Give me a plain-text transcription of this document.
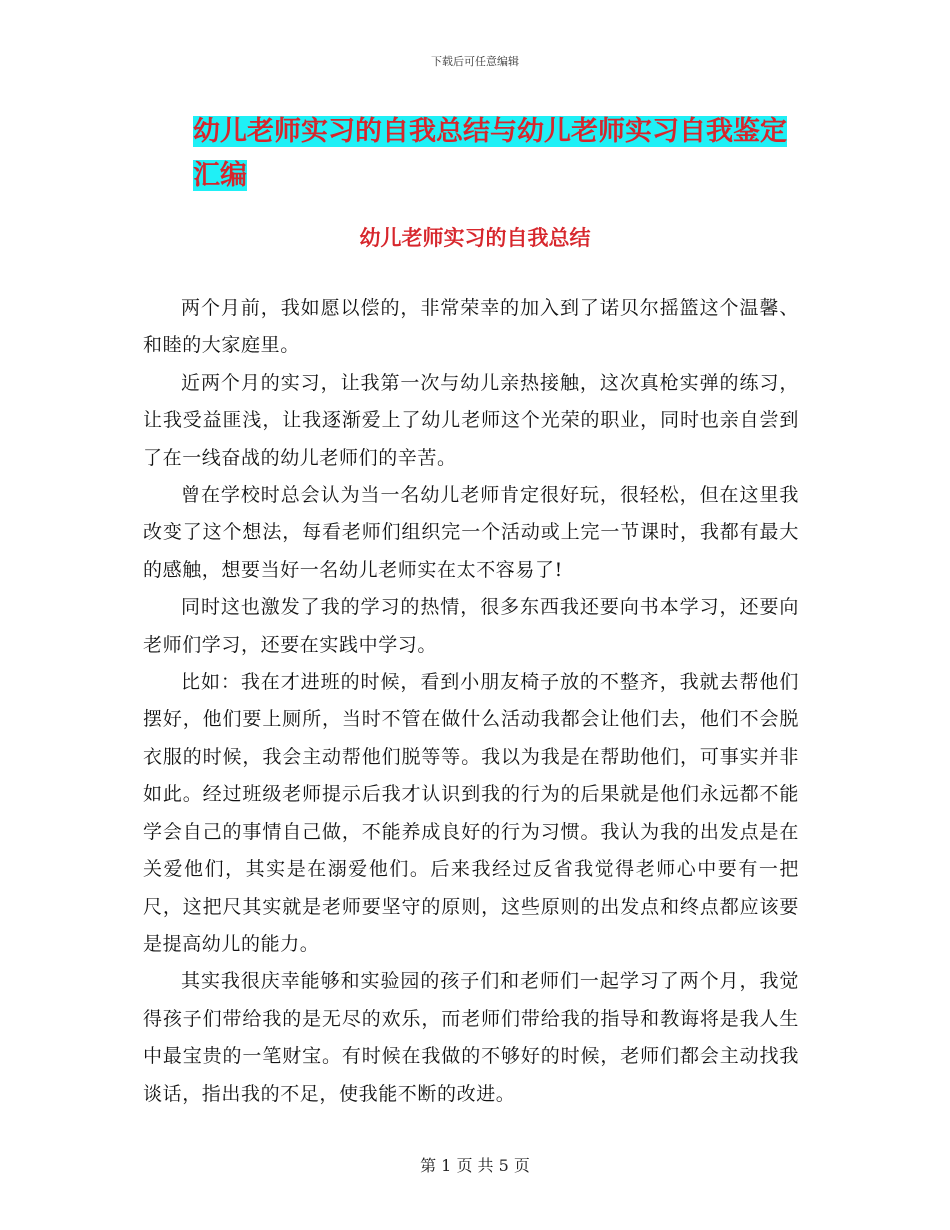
下载后可任意编辑
幼儿老师实习的自我总结与幼儿老师实习自我鉴定汇编
幼儿老师实习的自我总结

两个月前，我如愿以偿的，非常荣幸的加入到了诺贝尔摇篮这个温馨、和睦的大家庭里。

近两个月的实习，让我第一次与幼儿亲热接触，这次真枪实弹的练习，让我受益匪浅，让我逐渐爱上了幼儿老师这个光荣的职业，同时也亲自尝到了在一线奋战的幼儿老师们的辛苦。

曾在学校时总会认为当一名幼儿老师肯定很好玩，很轻松，但在这里我改变了这个想法，每看老师们组织完一个活动或上完一节课时，我都有最大的感触，想要当好一名幼儿老师实在太不容易了!

同时这也激发了我的学习的热情，很多东西我还要向书本学习，还要向老师们学习，还要在实践中学习。

比如：我在才进班的时候，看到小朋友椅子放的不整齐，我就去帮他们摆好，他们要上厕所，当时不管在做什么活动我都会让他们去，他们不会脱衣服的时候，我会主动帮他们脱等等。我以为我是在帮助他们，可事实并非如此。经过班级老师提示后我才认识到我的行为的后果就是他们永远都不能学会自己的事情自己做，不能养成良好的行为习惯。我认为我的出发点是在关爱他们，其实是在溺爱他们。后来我经过反省我觉得老师心中要有一把尺，这把尺其实就是老师要坚守的原则，这些原则的出发点和终点都应该要是提高幼儿的能力。

其实我很庆幸能够和实验园的孩子们和老师们一起学习了两个月，我觉得孩子们带给我的是无尽的欢乐，而老师们带给我的指导和教诲将是我人生中最宝贵的一笔财宝。有时候在我做的不够好的时候，老师们都会主动找我谈话，指出我的不足，使我能不断的改进。

第 1 页 共 5 页
